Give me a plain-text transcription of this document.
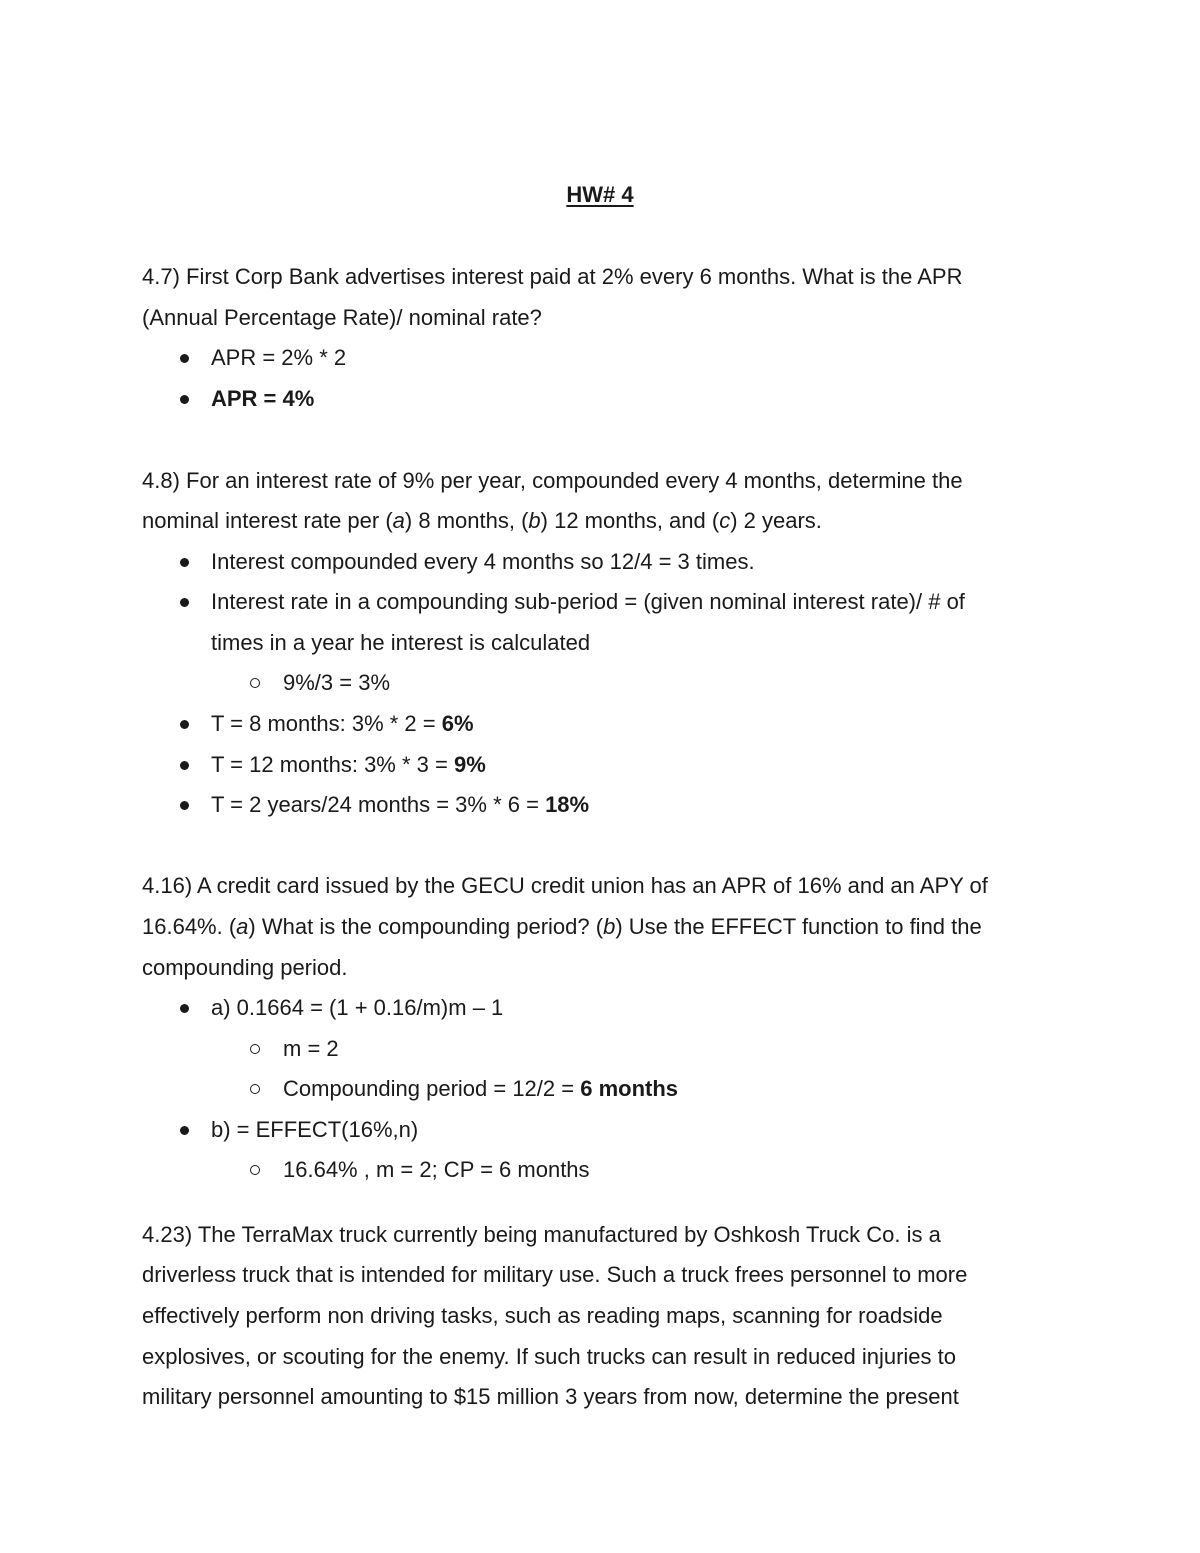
HW# 4
4.7) First Corp Bank advertises interest paid at 2% every 6 months. What is the APR
(Annual Percentage Rate)/ nominal rate?
APR = 2% * 2
APR = 4%
4.8) For an interest rate of 9% per year, compounded every 4 months, determine the
nominal interest rate per (a) 8 months, (b) 12 months, and (c) 2 years.
Interest compounded every 4 months so 12/4 = 3 times.
Interest rate in a compounding sub-period = (given nominal interest rate)/ # of
times in a year he interest is calculated
9%/3 = 3%
T = 8 months: 3% * 2 = 6%
T = 12 months: 3% * 3 = 9%
T = 2 years/24 months = 3% * 6 = 18%
4.16) A credit card issued by the GECU credit union has an APR of 16% and an APY of
16.64%. (a) What is the compounding period? (b) Use the EFFECT function to find the
compounding period.
a) 0.1664 = (1 + 0.16/m)m – 1
m = 2
Compounding period = 12/2 = 6 months
b) = EFFECT(16%,n)
16.64% , m = 2; CP = 6 months
4.23) The TerraMax truck currently being manufactured by Oshkosh Truck Co. is a
driverless truck that is intended for military use. Such a truck frees personnel to more
effectively perform non driving tasks, such as reading maps, scanning for roadside
explosives, or scouting for the enemy. If such trucks can result in reduced injuries to
military personnel amounting to $15 million 3 years from now, determine the present
